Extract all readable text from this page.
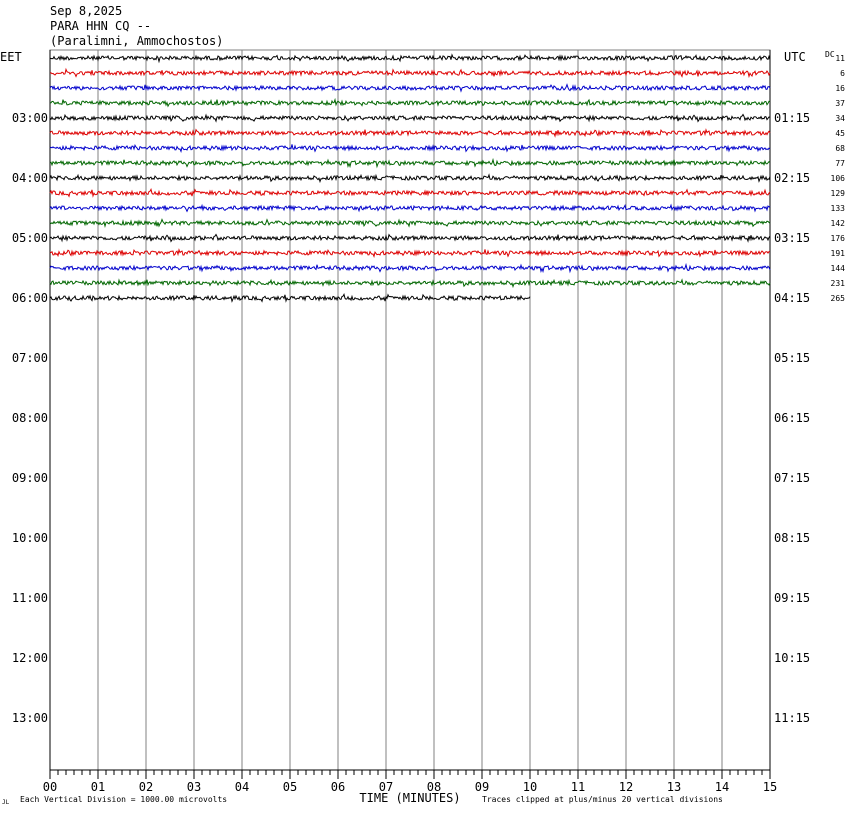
Sep 8,2025
PARA HHN CQ --
(Paralimni, Ammochostos)
00	01	02	03	04	05	06	07	08	09	10	11	12	13	14	15
03:00
04:00
05:00
06:00
07:00
08:00
09:00
10:00
11:00
12:00
13:00
01:15
02:15
03:15
04:15
05:15
06:15
07:15
08:15
09:15
10:15
11:15
11
6
16
37
34
45
68
77
106
129
133
142
176
191
144
231
265
EET	UTC DC
TIME (MINUTES)
JL Each Vertical Division = 1000.00 microvolts	Traces clipped at plus/minus 20 vertical divisions
